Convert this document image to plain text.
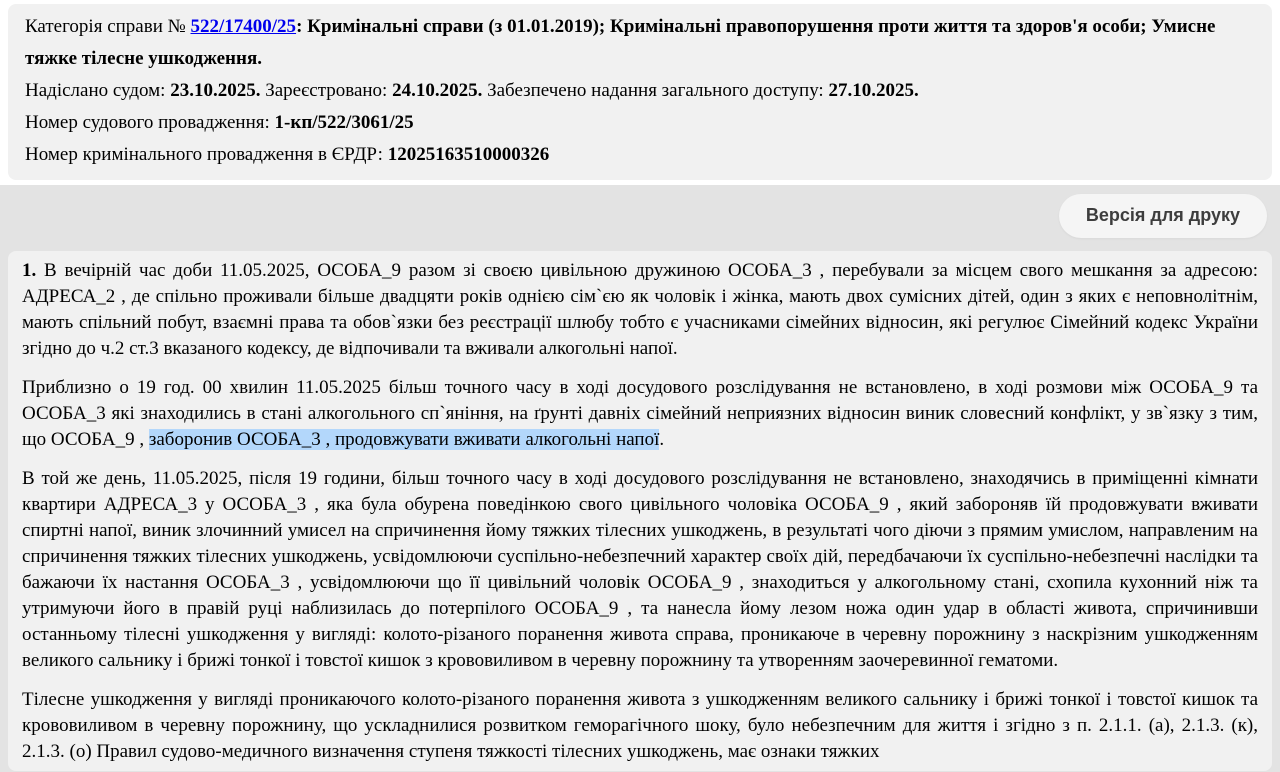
Категорія справи № 522/17400/25: Кримінальні справи (з 01.01.2019); Кримінальні правопорушення проти життя та здоров'я особи; Умисне тяжке тілесне ушкодження.

Надіслано судом: 23.10.2025. Зареєстровано: 24.10.2025. Забезпечено надання загального доступу: 27.10.2025.

Номер судового провадження: 1-кп/522/3061/25

Номер кримінального провадження в ЄРДР: 12025163510000326

Версія для друку

1. В вечірній час доби 11.05.2025, ОСОБА_9 разом зі своєю цивільною дружиною ОСОБА_3 , перебували за місцем свого мешкання за адресою: АДРЕСА_2 , де спільно проживали більше двадцяти років однією сім`єю як чоловік і жінка, мають двох сумісних дітей, один з яких є неповнолітнім, мають спільний побут, взаємні права та обов`язки без реєстрації шлюбу тобто є учасниками сімейних відносин, які регулює Сімейний кодекс України згідно до ч.2 ст.3 вказаного кодексу, де відпочивали та вживали алкогольні напої.

Приблизно о 19 год. 00 хвилин 11.05.2025 більш точного часу в ході досудового розслідування не встановлено, в ході розмови між ОСОБА_9 та ОСОБА_3 які знаходились в стані алкогольного сп`яніння, на ґрунті давніх сімейний неприязних відносин виник словесний конфлікт, у зв`язку з тим, що ОСОБА_9 , заборонив ОСОБА_3 , продовжувати вживати алкогольні напої.

В той же день, 11.05.2025, після 19 години, більш точного часу в ході досудового розслідування не встановлено, знаходячись в приміщенні кімнати квартири АДРЕСА_3 у ОСОБА_3 , яка була обурена поведінкою свого цивільного чоловіка ОСОБА_9 , який забороняв їй продовжувати вживати спиртні напої, виник злочинний умисел на спричинення йому тяжких тілесних ушкоджень, в результаті чого діючи з прямим умислом, направленим на спричинення тяжких тілесних ушкоджень, усвідомлюючи суспільно-небезпечний характер своїх дій, передбачаючи їх суспільно-небезпечні наслідки та бажаючи їх настання ОСОБА_3 , усвідомлюючи що її цивільний чоловік ОСОБА_9 , знаходиться у алкогольному стані, схопила кухонний ніж та утримуючи його в правій руці наблизилась до потерпілого ОСОБА_9 , та нанесла йому лезом ножа один удар в області живота, спричинивши останньому тілесні ушкодження у вигляді: колото-різаного поранення живота справа, проникаюче в черевну порожнину з наскрізним ушкодженням великого сальнику і брижі тонкої і товстої кишок з крововиливом в черевну порожнину та утворенням заочеревинної гематоми.

Тілесне ушкодження у вигляді проникаючого колото-різаного поранення живота з ушкодженням великого сальнику і брижі тонкої і товстої кишок та крововиливом в черевну порожнину, що ускладнилися розвитком геморагічного шоку, було небезпечним для життя і згідно з п. 2.1.1. (а), 2.1.3. (к), 2.1.3. (о) Правил судово-медичного визначення ступеня тяжкості тілесних ушкоджень, має ознаки тяжких
